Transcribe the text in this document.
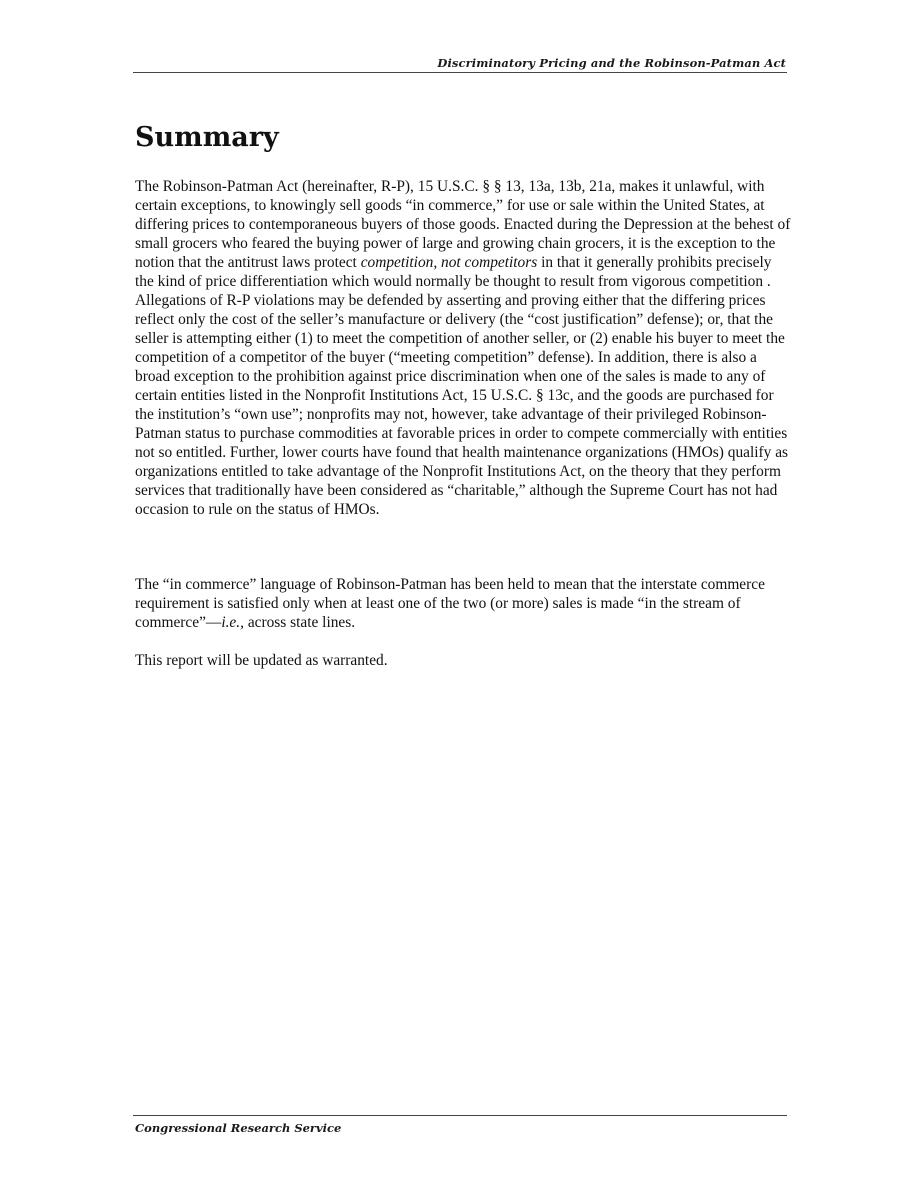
Discriminatory Pricing and the Robinson-Patman Act
Summary

The Robinson-Patman Act (hereinafter, R-P), 15 U.S.C. § § 13, 13a, 13b, 21a, makes it unlawful, with certain exceptions, to knowingly sell goods “in commerce,” for use or sale within the United States, at differing prices to contemporaneous buyers of those goods. Enacted during the Depression at the behest of small grocers who feared the buying power of large and growing chain grocers, it is the exception to the notion that the antitrust laws protect competition, not competitors in that it generally prohibits precisely the kind of price differentiation which would normally be thought to result from vigorous competition . Allegations of R-P violations may be defended by asserting and proving either that the differing prices reflect only the cost of the seller’s manufacture or delivery (the “cost justification” defense); or, that the seller is attempting either (1) to meet the competition of another seller, or (2) enable his buyer to meet the competition of a competitor of the buyer (“meeting competition” defense). In addition, there is also a broad exception to the prohibition against price discrimination when one of the sales is made to any of certain entities listed in the Nonprofit Institutions Act, 15 U.S.C. § 13c, and the goods are purchased for the institution’s “own use”; nonprofits may not, however, take advantage of their privileged Robinson-Patman status to purchase commodities at favorable prices in order to compete commercially with entities not so entitled. Further, lower courts have found that health maintenance organizations (HMOs) qualify as organizations entitled to take advantage of the Nonprofit Institutions Act, on the theory that they perform services that traditionally have been considered as “charitable,” although the Supreme Court has not had occasion to rule on the status of HMOs.

The “in commerce” language of Robinson-Patman has been held to mean that the interstate commerce requirement is satisfied only when at least one of the two (or more) sales is made “in the stream of commerce”—i.e., across state lines.

This report will be updated as warranted.

Congressional Research Service
